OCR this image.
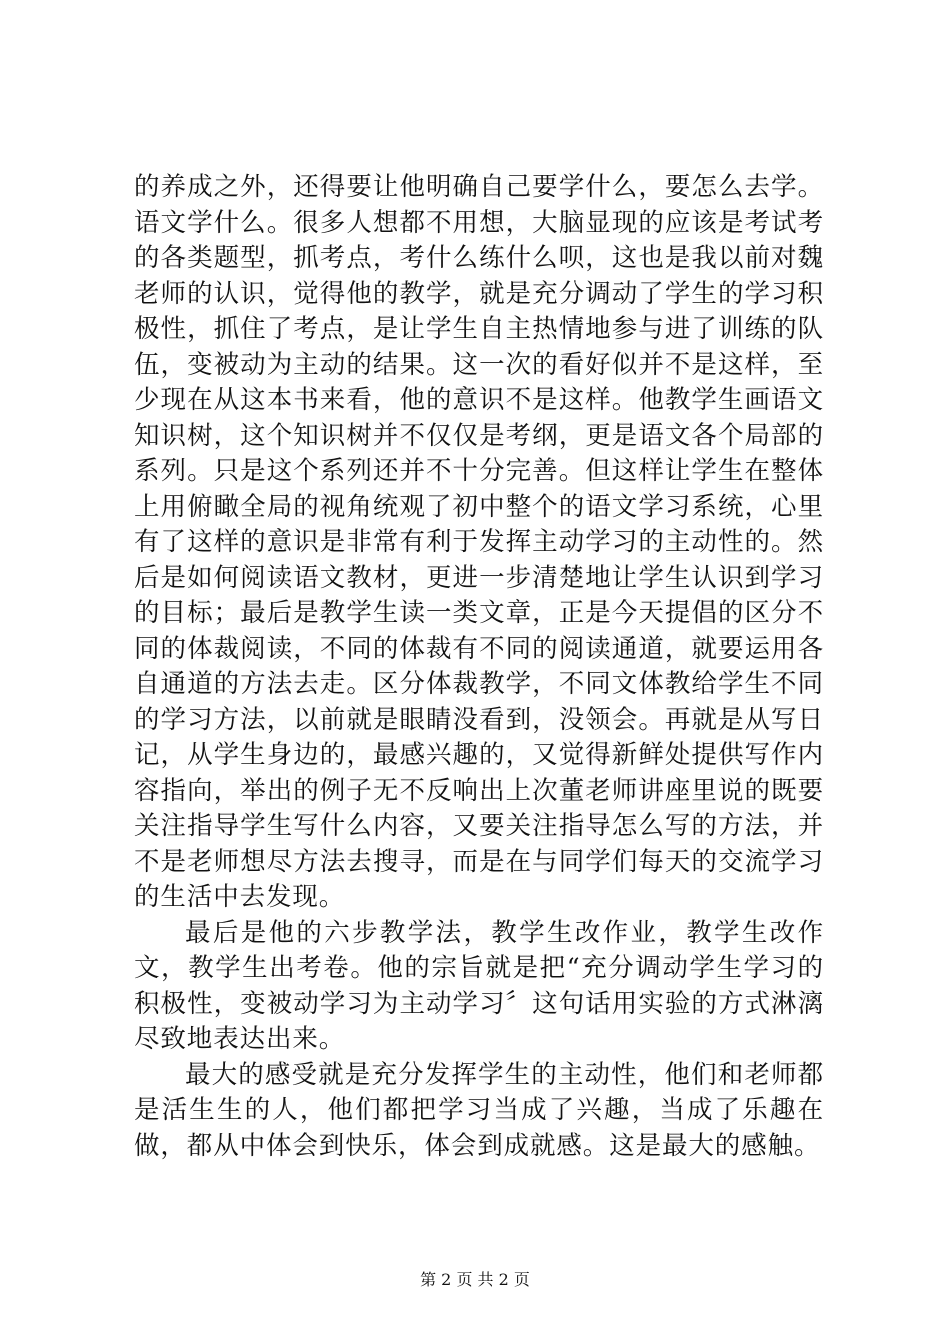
的养成之外，还得要让他明确自己要学什么，要怎么去学。语文学什么。很多人想都不用想，大脑显现的应该是考试考的各类题型，抓考点，考什么练什么呗，这也是我以前对魏老师的认识，觉得他的教学，就是充分调动了学生的学习积极性，抓住了考点，是让学生自主热情地参与进了训练的队伍，变被动为主动的结果。这一次的看好似并不是这样，至少现在从这本书来看，他的意识不是这样。他教学生画语文知识树，这个知识树并不仅仅是考纲，更是语文各个局部的系列。只是这个系列还并不十分完善。但这样让学生在整体上用俯瞰全局的视角统观了初中整个的语文学习系统，心里有了这样的意识是非常有利于发挥主动学习的主动性的。然后是如何阅读语文教材，更进一步清楚地让学生认识到学习的目标；最后是教学生读一类文章，正是今天提倡的区分不同的体裁阅读，不同的体裁有不同的阅读通道，就要运用各自通道的方法去走。区分体裁教学，不同文体教给学生不同的学习方法，以前就是眼睛没看到，没领会。再就是从写日记，从学生身边的，最感兴趣的，又觉得新鲜处提供写作内容指向，举出的例子无不反响出上次董老师讲座里说的既要关注指导学生写什么内容，又要关注指导怎么写的方法，并不是老师想尽方法去搜寻，而是在与同学们每天的交流学习的生活中去发现。

最后是他的六步教学法，教学生改作业，教学生改作文，教学生出考卷。他的宗旨就是把“充分调动学生学习的积极性，变被动学习为主动学习〞这句话用实验的方式淋漓尽致地表达出来。

最大的感受就是充分发挥学生的主动性，他们和老师都是活生生的人，他们都把学习当成了兴趣，当成了乐趣在做，都从中体会到快乐，体会到成就感。这是最大的感触。

第 2 页 共 2 页
